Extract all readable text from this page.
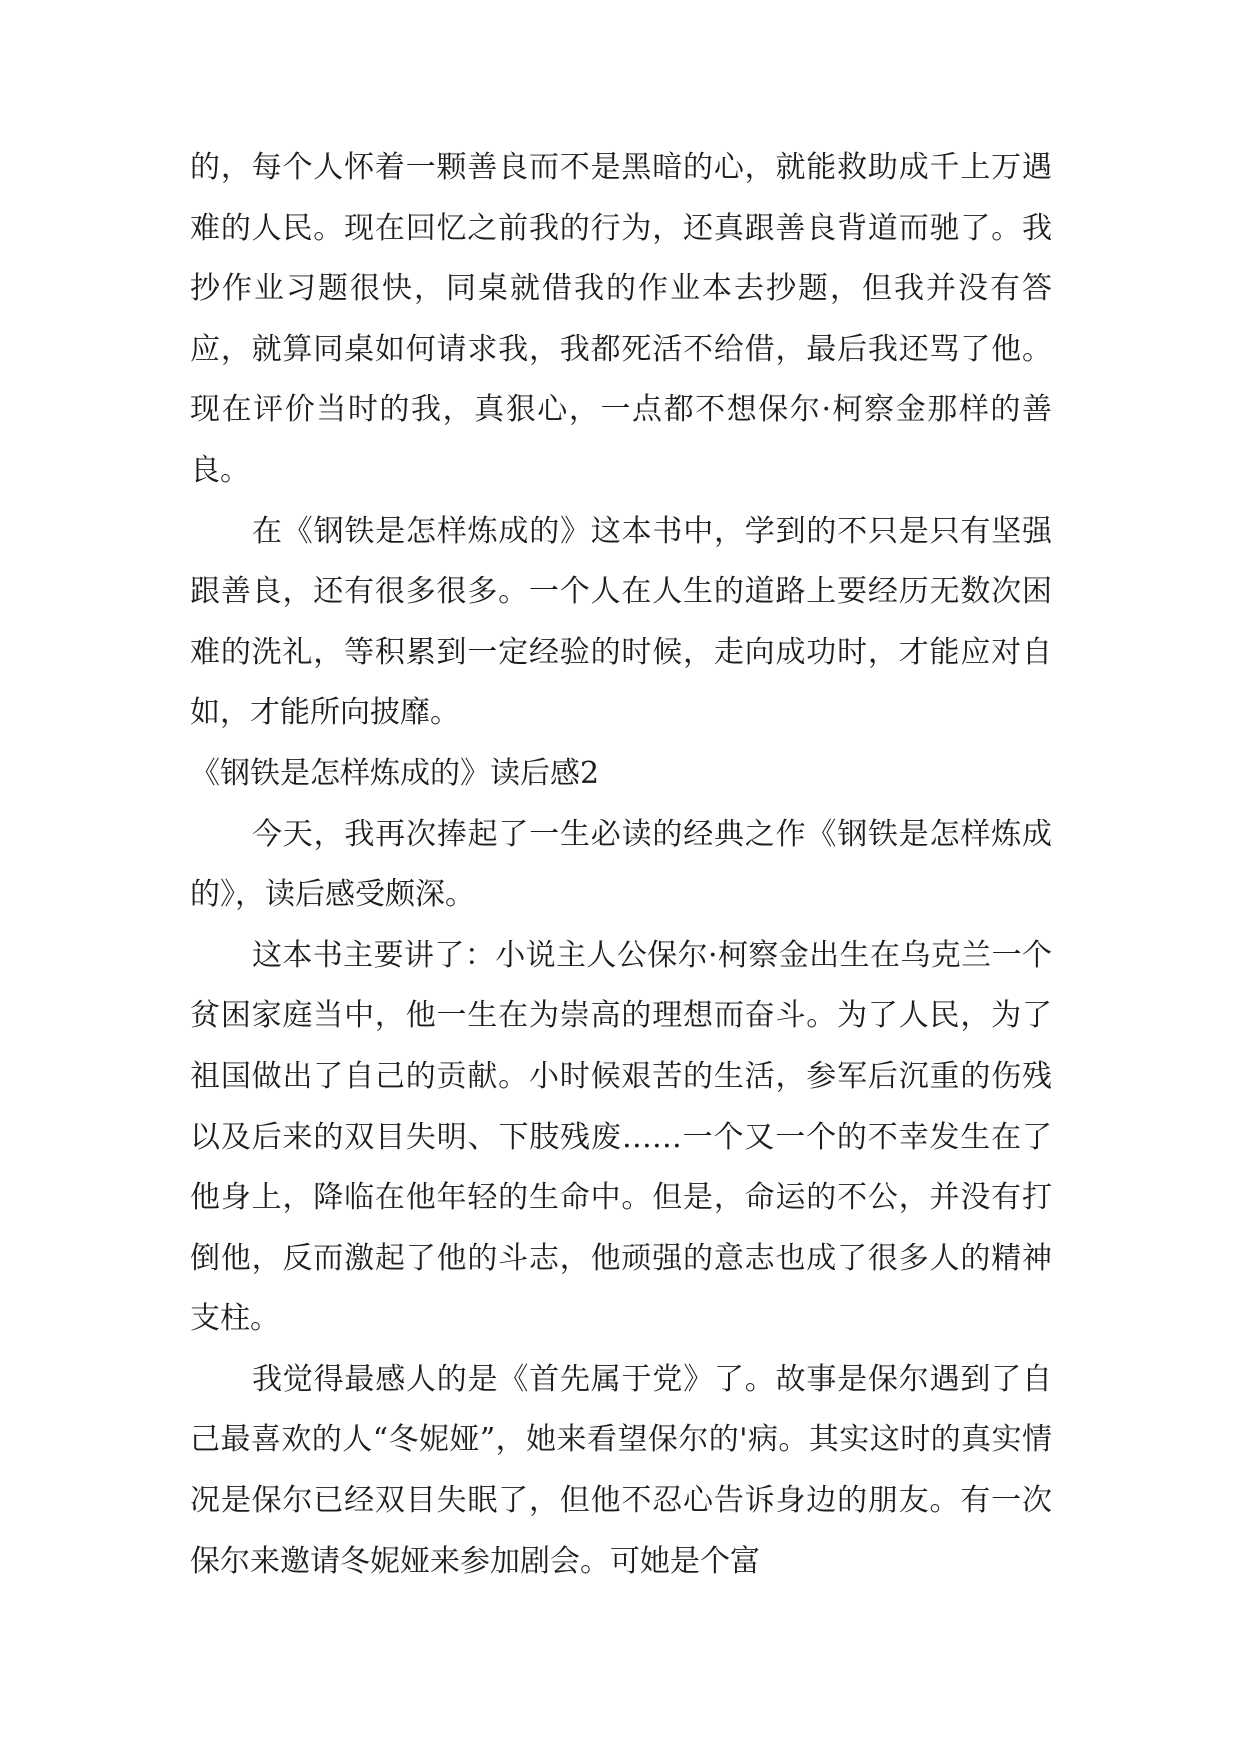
的，每个人怀着一颗善良而不是黑暗的心，就能救助成千上万遇难的人民。现在回忆之前我的行为，还真跟善良背道而驰了。我抄作业习题很快，同桌就借我的作业本去抄题，但我并没有答应，就算同桌如何请求我，我都死活不给借，最后我还骂了他。现在评价当时的我，真狠心，一点都不想保尔·柯察金那样的善良。

在《钢铁是怎样炼成的》这本书中，学到的不只是只有坚强跟善良，还有很多很多。一个人在人生的道路上要经历无数次困难的洗礼，等积累到一定经验的时候，走向成功时，才能应对自如，才能所向披靡。

《钢铁是怎样炼成的》读后感2

今天，我再次捧起了一生必读的经典之作《钢铁是怎样炼成的》，读后感受颇深。

这本书主要讲了：小说主人公保尔·柯察金出生在乌克兰一个贫困家庭当中，他一生在为崇高的理想而奋斗。为了人民，为了祖国做出了自己的贡献。小时候艰苦的生活，参军后沉重的伤残以及后来的双目失明、下肢残废……一个又一个的不幸发生在了他身上，降临在他年轻的生命中。但是，命运的不公，并没有打倒他，反而激起了他的斗志，他顽强的意志也成了很多人的精神支柱。

我觉得最感人的是《首先属于党》了。故事是保尔遇到了自己最喜欢的人“冬妮娅”，她来看望保尔的'病。其实这时的真实情况是保尔已经双目失眠了，但他不忍心告诉身边的朋友。有一次保尔来邀请冬妮娅来参加剧会。可她是个富
